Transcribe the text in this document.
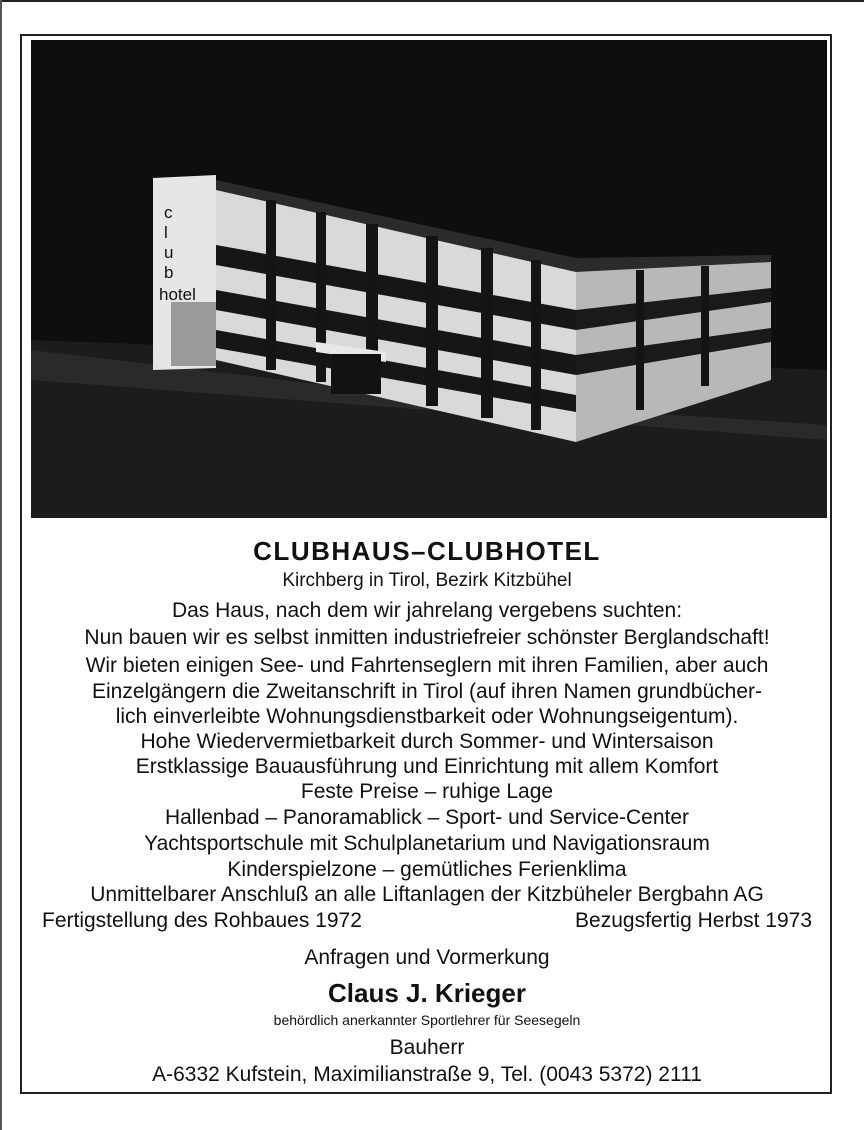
c
l
u
b
hotel
CLUBHAUS–CLUBHOTEL
Kirchberg in Tirol, Bezirk Kitzbühel
Das Haus, nach dem wir jahrelang vergebens suchten:
Nun bauen wir es selbst inmitten industriefreier schönster Berglandschaft!
Wir bieten einigen See- und Fahrtenseglern mit ihren Familien, aber auch
Einzelgängern die Zweitanschrift in Tirol (auf ihren Namen grundbücher-
lich einverleibte Wohnungsdienstbarkeit oder Wohnungseigentum).
Hohe Wiedervermietbarkeit durch Sommer- und Wintersaison
Erstklassige Bauausführung und Einrichtung mit allem Komfort
Feste Preise – ruhige Lage
Hallenbad – Panoramablick – Sport- und Service-Center
Yachtsportschule mit Schulplanetarium und Navigationsraum
Kinderspielzone – gemütliches Ferienklima
Unmittelbarer Anschluß an alle Liftanlagen der Kitzbüheler Bergbahn AG
Fertigstellung des Rohbaues 1972	Bezugsfertig Herbst 1973
Anfragen und Vormerkung
Claus J. Krieger
behördlich anerkannter Sportlehrer für Seesegeln
Bauherr
A-6332 Kufstein, Maximilianstraße 9, Tel. (0043 5372) 2111
